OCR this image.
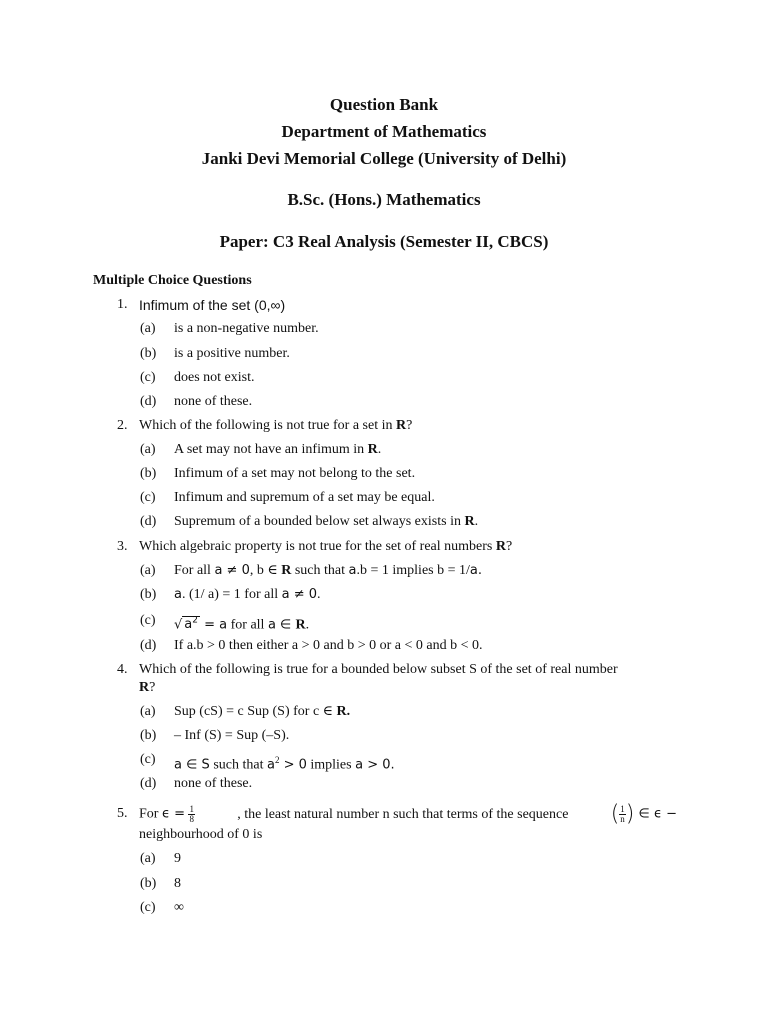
Question Bank
Department of Mathematics
Janki Devi Memorial College (University of Delhi)
B.Sc. (Hons.) Mathematics
Paper: C3 Real Analysis (Semester II, CBCS)
Multiple Choice Questions
1. Infimum of the set (0,∞)
(a) is a non-negative number.
(b) is a positive number.
(c) does not exist.
(d) none of these.
2. Which of the following is not true for a set in R?
(a) A set may not have an infimum in R.
(b) Infimum of a set may not belong to the set.
(c) Infimum and supremum of a set may be equal.
(d) Supremum of a bounded below set always exists in R.
3. Which algebraic property is not true for the set of real numbers R?
(a) For all a ≠ 0, b ∈ R such that a.b = 1 implies b = 1/a.
(b) a. (1/ a) = 1 for all a ≠ 0.
(c) √ $a^2 = a$ for all a ∈ R.
(d) If a.b > 0 then either a > 0 and b > 0 or a < 0 and b < 0.
4. Which of the following is true for a bounded below subset S of the set of real number
R?
(a) Sup (cS) = c Sup (S) for c ∈ R.
(b) – Inf (S) = Sup (–S).
(c) a ∈ S such that $a^2 > 0$ implies a > 0.
(d) none of these.
5. For $\epsilon = \frac{1}{8}$	, the least natural number n such that terms of the sequence ( $\frac{1}{n}$ ) ∈ ϵ −
neighbourhood of 0 is
(a) 9
(b) 8
(c) ∞
